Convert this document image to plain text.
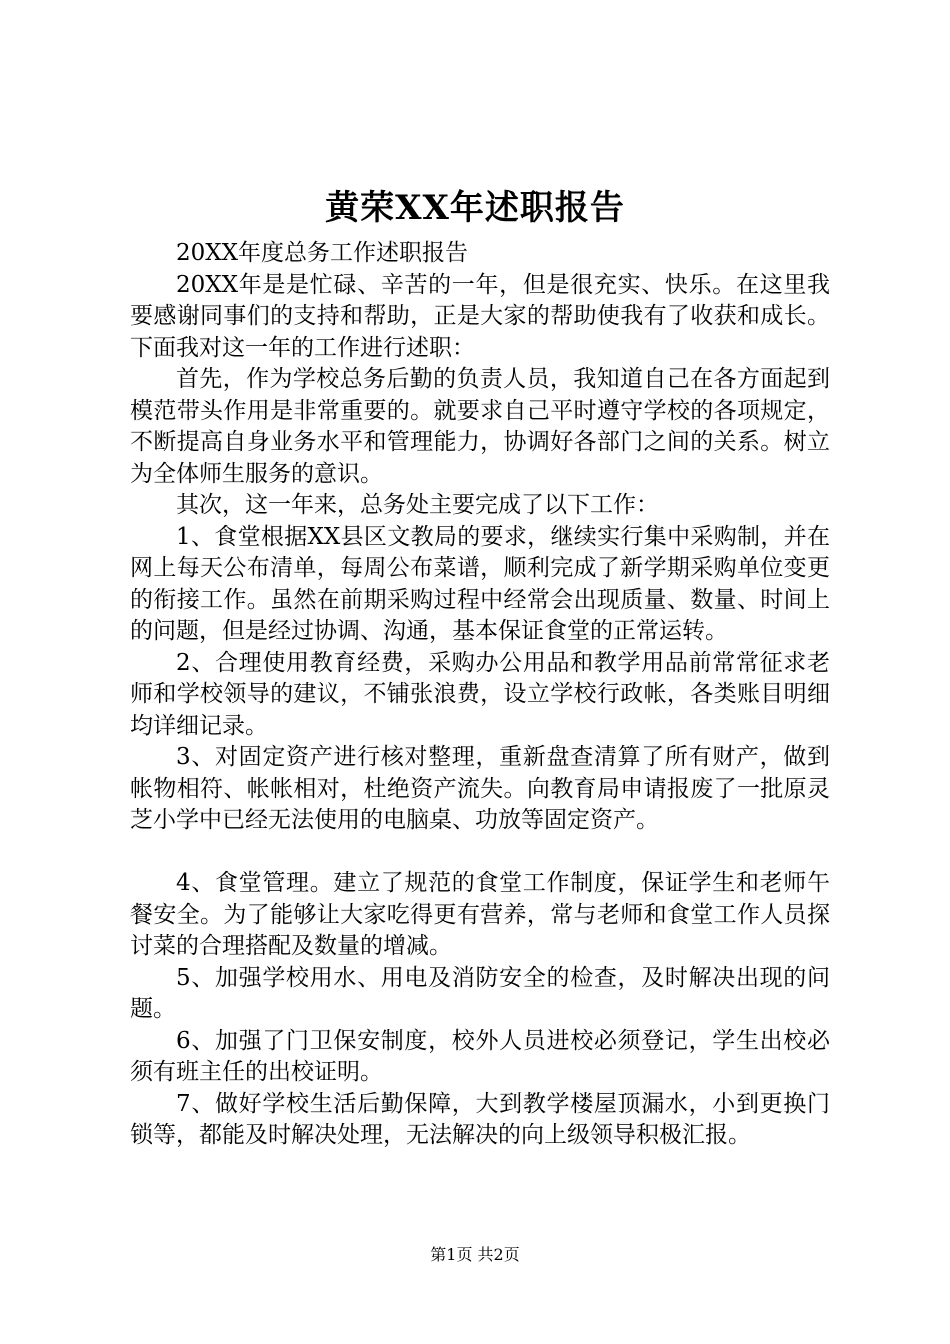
黄荣XX年述职报告

20XX年度总务工作述职报告

20XX年是是忙碌、辛苦的一年，但是很充实、快乐。在这里我要感谢同事们的支持和帮助，正是大家的帮助使我有了收获和成长。下面我对这一年的工作进行述职：

首先，作为学校总务后勤的负责人员，我知道自己在各方面起到模范带头作用是非常重要的。就要求自己平时遵守学校的各项规定，不断提高自身业务水平和管理能力，协调好各部门之间的关系。树立为全体师生服务的意识。

其次，这一年来，总务处主要完成了以下工作：

1、食堂根据XX县区文教局的要求，继续实行集中采购制，并在网上每天公布清单，每周公布菜谱，顺利完成了新学期采购单位变更的衔接工作。虽然在前期采购过程中经常会出现质量、数量、时间上的问题，但是经过协调、沟通，基本保证食堂的正常运转。

2、合理使用教育经费，采购办公用品和教学用品前常常征求老师和学校领导的建议，不铺张浪费，设立学校行政帐，各类账目明细均详细记录。

3、对固定资产进行核对整理，重新盘查清算了所有财产，做到帐物相符、帐帐相对，杜绝资产流失。向教育局申请报废了一批原灵芝小学中已经无法使用的电脑桌、功放等固定资产。

4、食堂管理。建立了规范的食堂工作制度，保证学生和老师午餐安全。为了能够让大家吃得更有营养，常与老师和食堂工作人员探讨菜的合理搭配及数量的增减。

5、加强学校用水、用电及消防安全的检查，及时解决出现的问题。

6、加强了门卫保安制度，校外人员进校必须登记，学生出校必须有班主任的出校证明。

7、做好学校生活后勤保障，大到教学楼屋顶漏水，小到更换门锁等，都能及时解决处理，无法解决的向上级领导积极汇报。

第1页 共2页
